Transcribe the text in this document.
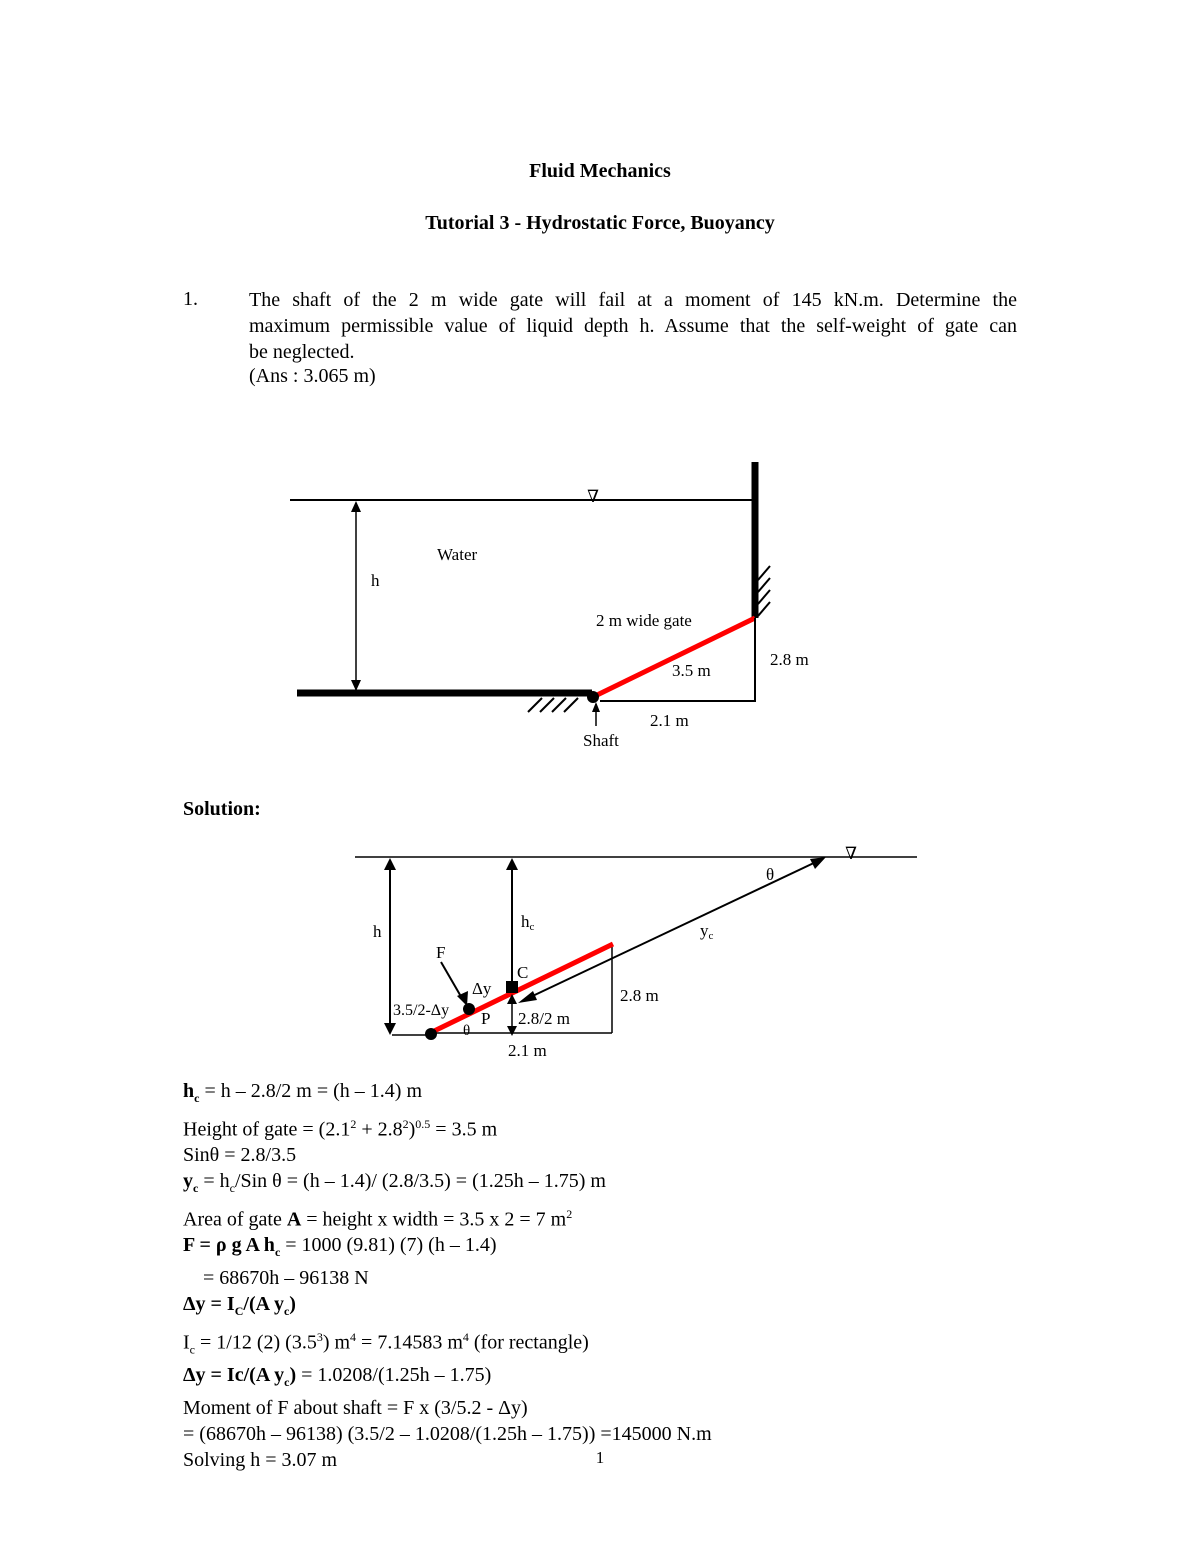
Fluid Mechanics
Tutorial 3 - Hydrostatic Force, Buoyancy
1.	The shaft of the 2 m wide gate will fail at a moment of 145 kN.m. Determine the
maximum permissible value of liquid depth h. Assume that the self-weight of gate can
be neglected.
(Ans : 3.065 m)
∇
h
Water
2 m wide gate
3.5 m
2.8 m
2.1 m
Shaft
Solution:
∇
h
2.1 m
2.8 m
hc
C
2.8/2 m
θ
yc
F
Δy
3.5/2-Δy P
θ
$h_c = h - 2.8/2$ m = (h – 1.4) m
Height of gate = $(2.1^2 + 2.8^2)^{0.5} = 3.5$ m
Sinθ = 2.8/3.5
$y_c = h_c/Sin$ θ = (h – 1.4)/ (2.8/3.5) = (1.25h – 1.75) m
Area of gate A = height x width = 3.5 x 2 = 7 $m^2$
F = ρ g A $h_c = 1000$ (9.81) (7) (h – 1.4)
= 68670h – 96138 N
$\Delta y = I_C/(A$ $y_c$)
$I_c = 1/12$ (2) $(3.5^3) m^4 = 7.14583$ $m^4$ (for rectangle)
Δy = Ic/(A $y_c) = 1.0208/(1.25h - 1.75)$
Moment of F about shaft = F x (3/5.2 - Δy)
= (68670h – 96138) (3.5/2 – 1.0208/(1.25h – 1.75)) =145000 N.m
Solving h = 3.07 m	1
